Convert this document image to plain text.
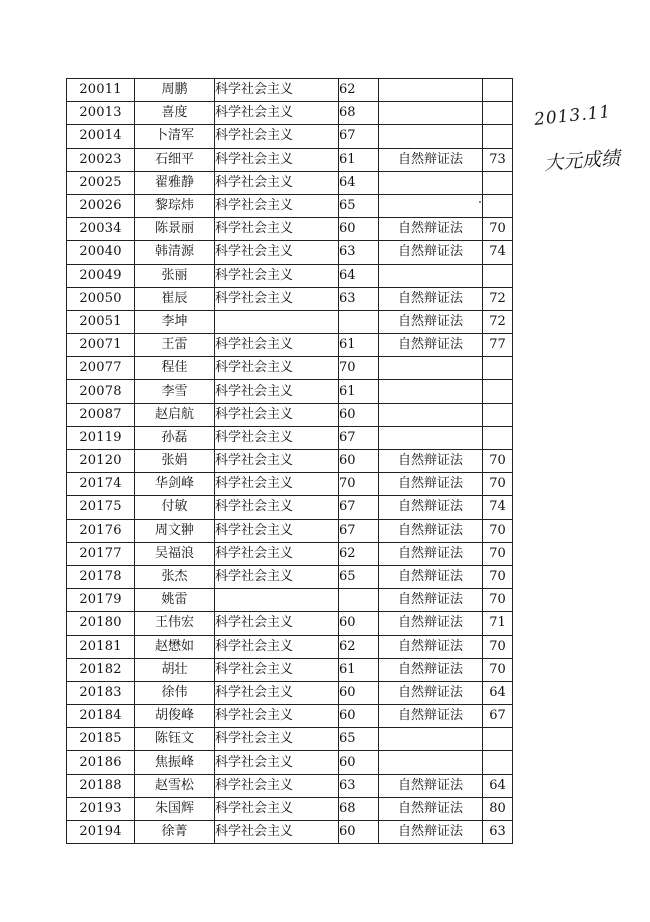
20011	周鹏	科学社会主义	62		
20013	喜度	科学社会主义	68		
20014	卜清军	科学社会主义	67		
20023	石细平	科学社会主义	61	自然辩证法	73
20025	翟雅静	科学社会主义	64		
20026	黎琮炜	科学社会主义	65		
20034	陈景丽	科学社会主义	60	自然辩证法	70
20040	韩清源	科学社会主义	63	自然辩证法	74
20049	张丽	科学社会主义	64		
20050	崔辰	科学社会主义	63	自然辩证法	72
20051	李坤			自然辩证法	72
20071	王雷	科学社会主义	61	自然辩证法	77
20077	程佳	科学社会主义	70		
20078	李雪	科学社会主义	61		
20087	赵启航	科学社会主义	60		
20119	孙磊	科学社会主义	67		
20120	张娟	科学社会主义	60	自然辩证法	70
20174	华剑峰	科学社会主义	70	自然辩证法	70
20175	付敏	科学社会主义	67	自然辩证法	74
20176	周文翀	科学社会主义	67	自然辩证法	70
20177	吴福浪	科学社会主义	62	自然辩证法	70
20178	张杰	科学社会主义	65	自然辩证法	70
20179	姚雷			自然辩证法	70
20180	王伟宏	科学社会主义	60	自然辩证法	71
20181	赵懋如	科学社会主义	62	自然辩证法	70
20182	胡壮	科学社会主义	61	自然辩证法	70
20183	徐伟	科学社会主义	60	自然辩证法	64
20184	胡俊峰	科学社会主义	60	自然辩证法	67
20185	陈钰文	科学社会主义	65		
20186	焦振峰	科学社会主义	60		
20188	赵雪松	科学社会主义	63	自然辩证法	64
20193	朱国辉	科学社会主义	68	自然辩证法	80
20194	徐菁	科学社会主义	60	自然辩证法	63
2013.11
大元成绩
